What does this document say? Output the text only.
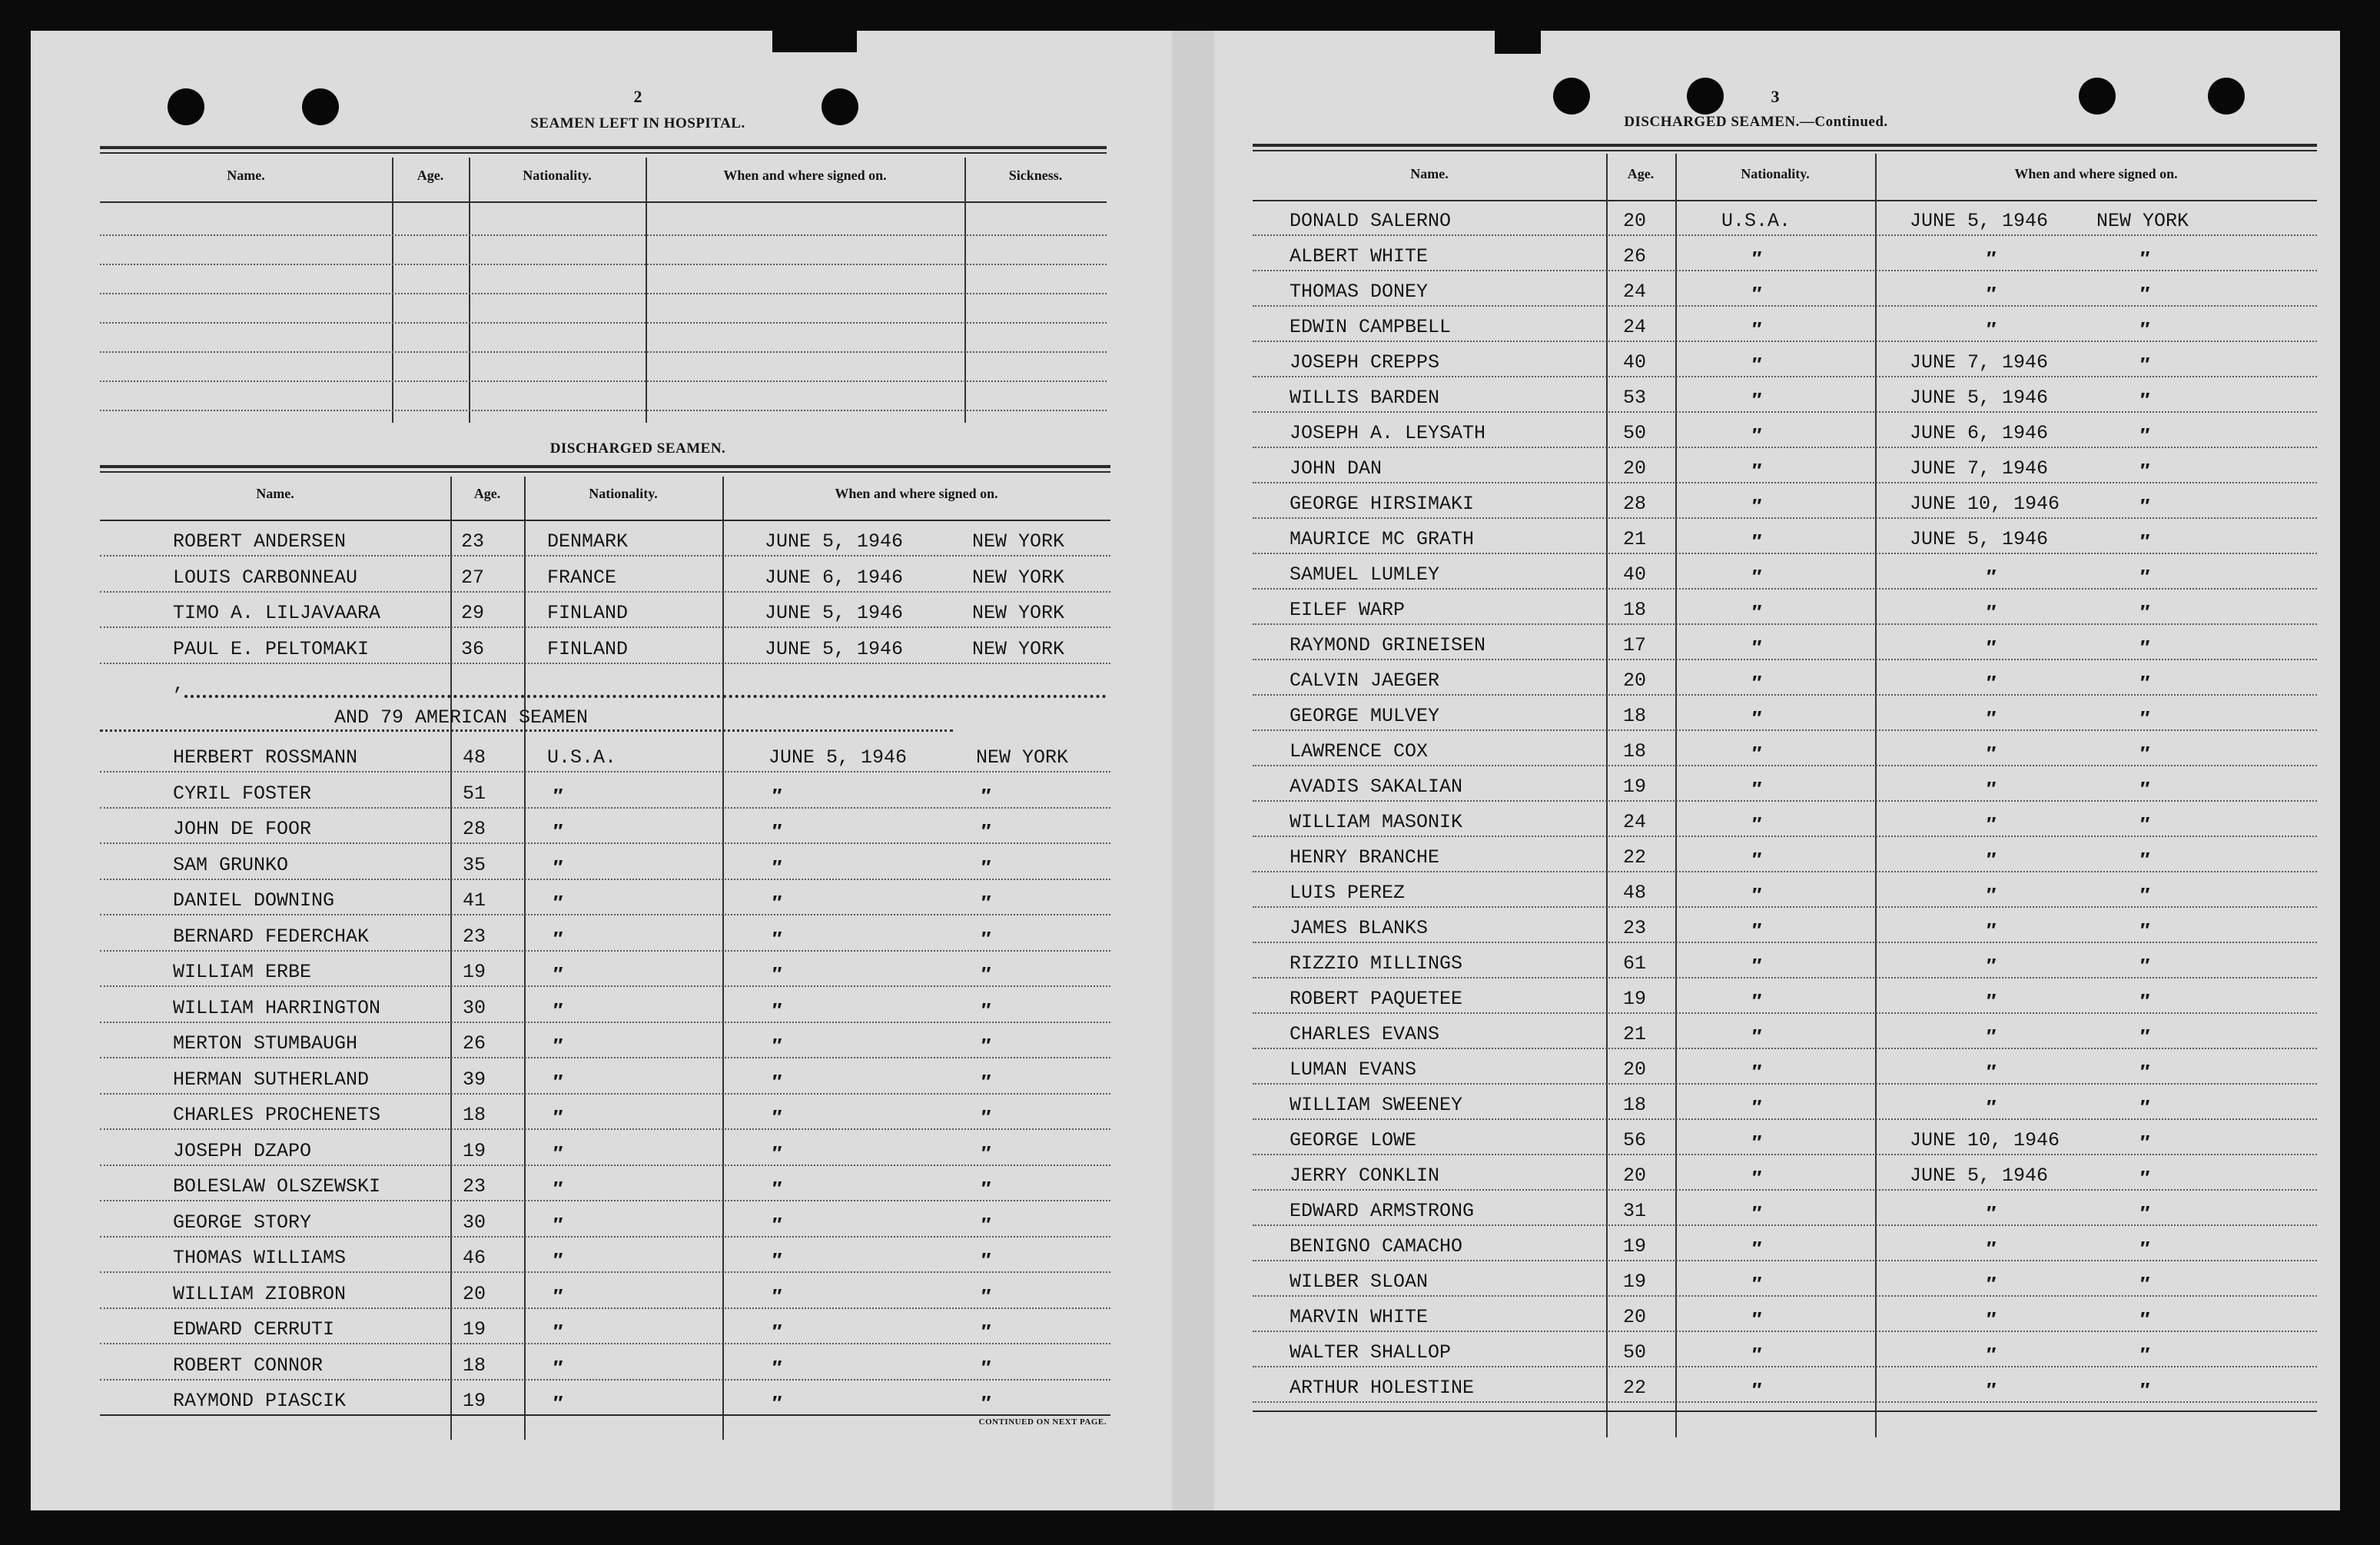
2
SEAMEN LEFT IN HOSPITAL.
Name.	Age.	Nationality.	When and where signed on.	Sickness.
DISCHARGED SEAMEN.
Name.	Age.	Nationality.	When and where signed on.
ROBERT ANDERSEN	23	DENMARK	JUNE 5, 1946	NEW YORK
LOUIS CARBONNEAU	27	FRANCE	JUNE 6, 1946	NEW YORK
TIMO A. LILJAVAARA	29	FINLAND	JUNE 5, 1946	NEW YORK
PAUL E. PELTOMAKI	36	FINLAND	JUNE 5, 1946	NEW YORK
,
AND 79 AMERICAN SEAMEN
HERBERT ROSSMANN	48	U.S.A.	JUNE 5, 1946	NEW YORK
CYRIL FOSTER	51	″	″	″
JOHN DE FOOR	28	″	″	″
SAM GRUNKO	35	″	″	″
DANIEL DOWNING	41	″	″	″
BERNARD FEDERCHAK	23	″	″	″
WILLIAM ERBE	19	″	″	″
WILLIAM HARRINGTON	30	″	″	″
MERTON STUMBAUGH	26	″	″	″
HERMAN SUTHERLAND	39	″	″	″
CHARLES PROCHENETS	18	″	″	″
JOSEPH DZAPO	19	″	″	″
BOLESLAW OLSZEWSKI	23	″	″	″
GEORGE STORY	30	″	″	″
THOMAS WILLIAMS	46	″	″	″
WILLIAM ZIOBRON	20	″	″	″
EDWARD CERRUTI	19	″	″	″
ROBERT CONNOR	18	″	″	″
RAYMOND PIASCIK	19	″	″	″
CONTINUED ON NEXT PAGE.
3
DISCHARGED SEAMEN.—Continued.
Name.	Age.	Nationality.	When and where signed on.
DONALD SALERNO	20	U.S.A.	JUNE 5, 1946	NEW YORK
ALBERT WHITE	26	″	″	″
THOMAS DONEY	24	″	″	″
EDWIN CAMPBELL	24	″	″	″
JOSEPH CREPPS	40	″	JUNE 7, 1946	″
WILLIS BARDEN	53	″	JUNE 5, 1946	″
JOSEPH A. LEYSATH	50	″	JUNE 6, 1946	″
JOHN DAN	20	″	JUNE 7, 1946	″
GEORGE HIRSIMAKI	28	″	JUNE 10, 1946	″
MAURICE MC GRATH	21	″	JUNE 5, 1946	″
SAMUEL LUMLEY	40	″	″	″
EILEF WARP	18	″	″	″
RAYMOND GRINEISEN	17	″	″	″
CALVIN JAEGER	20	″	″	″
GEORGE MULVEY	18	″	″	″
LAWRENCE COX	18	″	″	″
AVADIS SAKALIAN	19	″	″	″
WILLIAM MASONIK	24	″	″	″
HENRY BRANCHE	22	″	″	″
LUIS PEREZ	48	″	″	″
JAMES BLANKS	23	″	″	″
RIZZIO MILLINGS	61	″	″	″
ROBERT PAQUETEE	19	″	″	″
CHARLES EVANS	21	″	″	″
LUMAN EVANS	20	″	″	″
WILLIAM SWEENEY	18	″	″	″
GEORGE LOWE	56	″	JUNE 10, 1946	″
JERRY CONKLIN	20	″	JUNE 5, 1946	″
EDWARD ARMSTRONG	31	″	″	″
BENIGNO CAMACHO	19	″	″	″
WILBER SLOAN	19	″	″	″
MARVIN WHITE	20	″	″	″
WALTER SHALLOP	50	″	″	″
ARTHUR HOLESTINE	22	″	″	″
